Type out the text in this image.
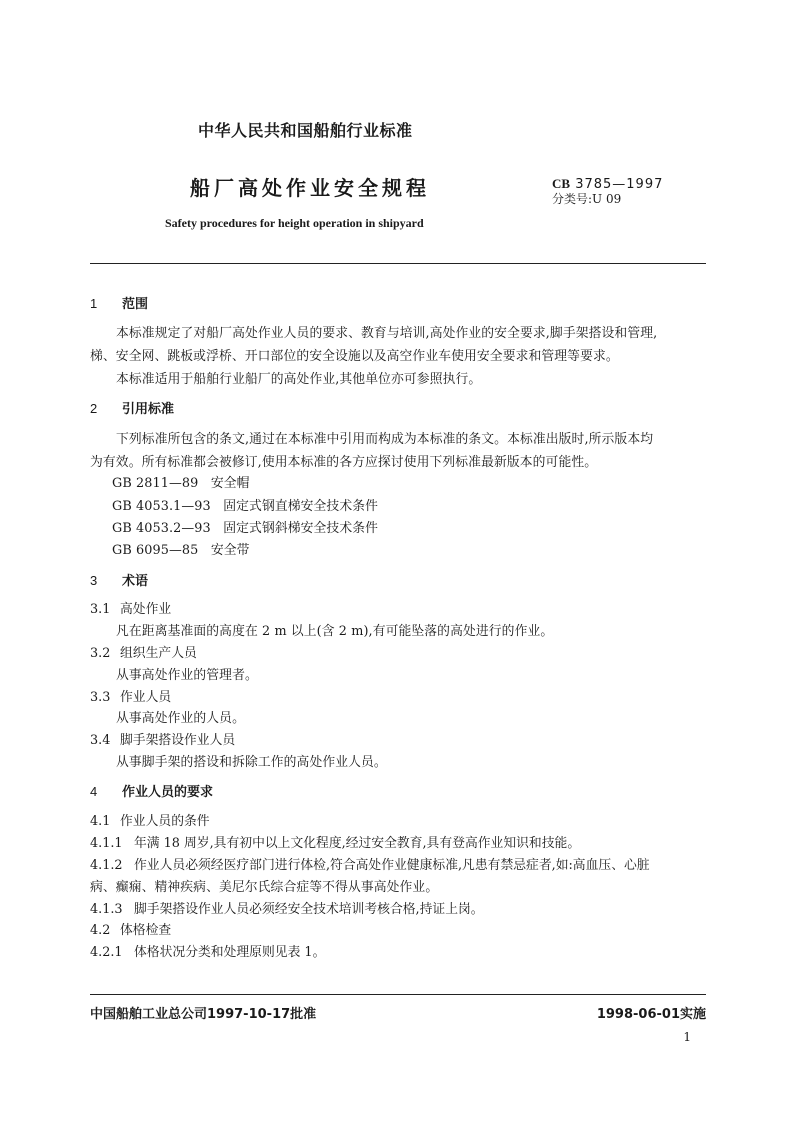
中华人民共和国船舶行业标准
船厂高处作业安全规程	CB 3785—1997
分类号:U 09
Safety procedures for height operation in shipyard
1 范围
本标准规定了对船厂高处作业人员的要求、教育与培训,高处作业的安全要求,脚手架搭设和管理,
梯、安全网、跳板或浮桥、开口部位的安全设施以及高空作业车使用安全要求和管理等要求。
本标准适用于船舶行业船厂的高处作业,其他单位亦可参照执行。
2 引用标准
下列标准所包含的条文,通过在本标准中引用而构成为本标准的条文。本标准出版时,所示版本均
为有效。所有标准都会被修订,使用本标准的各方应探讨使用下列标准最新版本的可能性。
GB 2811—89   安全帽
GB 4053.1—93   固定式钢直梯安全技术条件
GB 4053.2—93   固定式钢斜梯安全技术条件
GB 6095—85   安全带
3 术语
3.1 高处作业
凡在距离基准面的高度在 2 m 以上(含 2 m),有可能坠落的高处进行的作业。
3.2 组织生产人员
从事高处作业的管理者。
3.3 作业人员
从事高处作业的人员。
3.4 脚手架搭设作业人员
从事脚手架的搭设和拆除工作的高处作业人员。
4 作业人员的要求
4.1 作业人员的条件
4.1.1 年满 18 周岁,具有初中以上文化程度,经过安全教育,具有登高作业知识和技能。
4.1.2 作业人员必须经医疗部门进行体检,符合高处作业健康标准,凡患有禁忌症者,如:高血压、心脏
病、癫痫、精神疾病、美尼尔氏综合症等不得从事高处作业。
4.1.3 脚手架搭设作业人员必须经安全技术培训考核合格,持证上岗。
4.2 体格检查
4.2.1 体格状况分类和处理原则见表 1。
中国船舶工业总公司1997-10-17批准	1998-06-01实施
1
